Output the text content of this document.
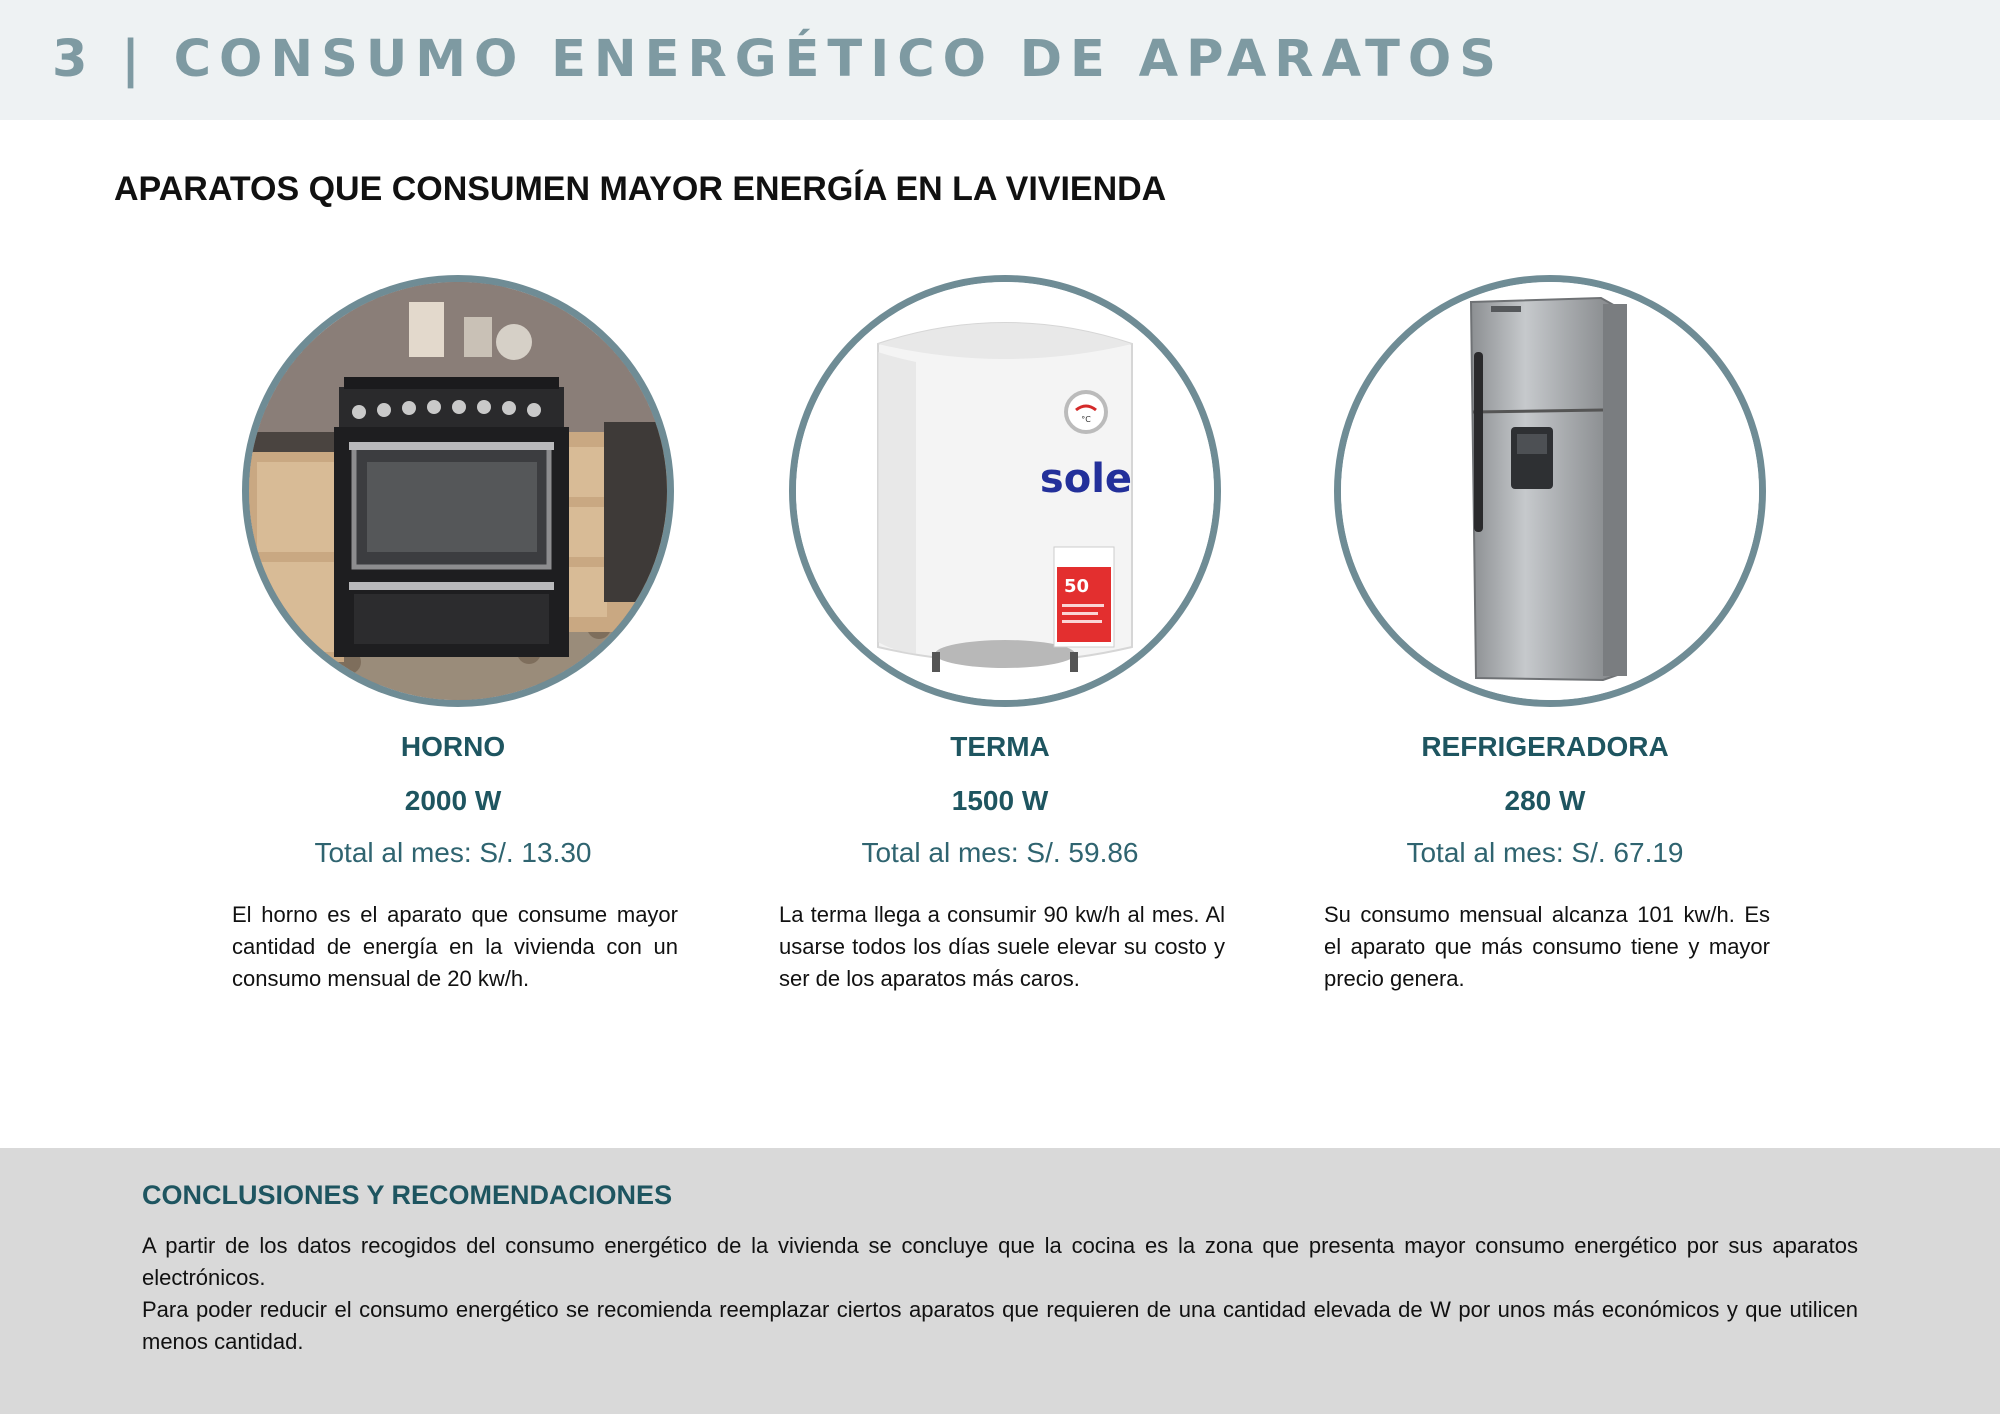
3 | CONSUMO ENERGÉTICO DE APARATOS
APARATOS QUE CONSUMEN MAYOR ENERGÍA EN LA VIVIENDA

HORNO

2000 W

Total al mes: S/. 13.30
El horno es el aparato que consume mayor cantidad de energía en la vivienda con un consumo mensual de 20 kw/h.
°C
sole
50

TERMA

1500 W

Total al mes: S/. 59.86
La terma llega a consumir 90 kw/h al mes. Al usarse todos los días suele elevar su costo y ser de los aparatos más caros.

REFRIGERADORA

280 W

Total al mes: S/. 67.19
Su consumo mensual alcanza 101 kw/h. Es el aparato que más consumo tiene y mayor precio genera.
CONCLUSIONES Y RECOMENDACIONES

A partir de los datos recogidos del consumo energético de la vivienda se concluye que la cocina es la zona que presenta mayor consumo energético por sus aparatos electrónicos.

Para poder reducir el consumo energético se recomienda reemplazar ciertos aparatos que requieren de una cantidad elevada de W por unos más económicos y que utilicen menos cantidad.
